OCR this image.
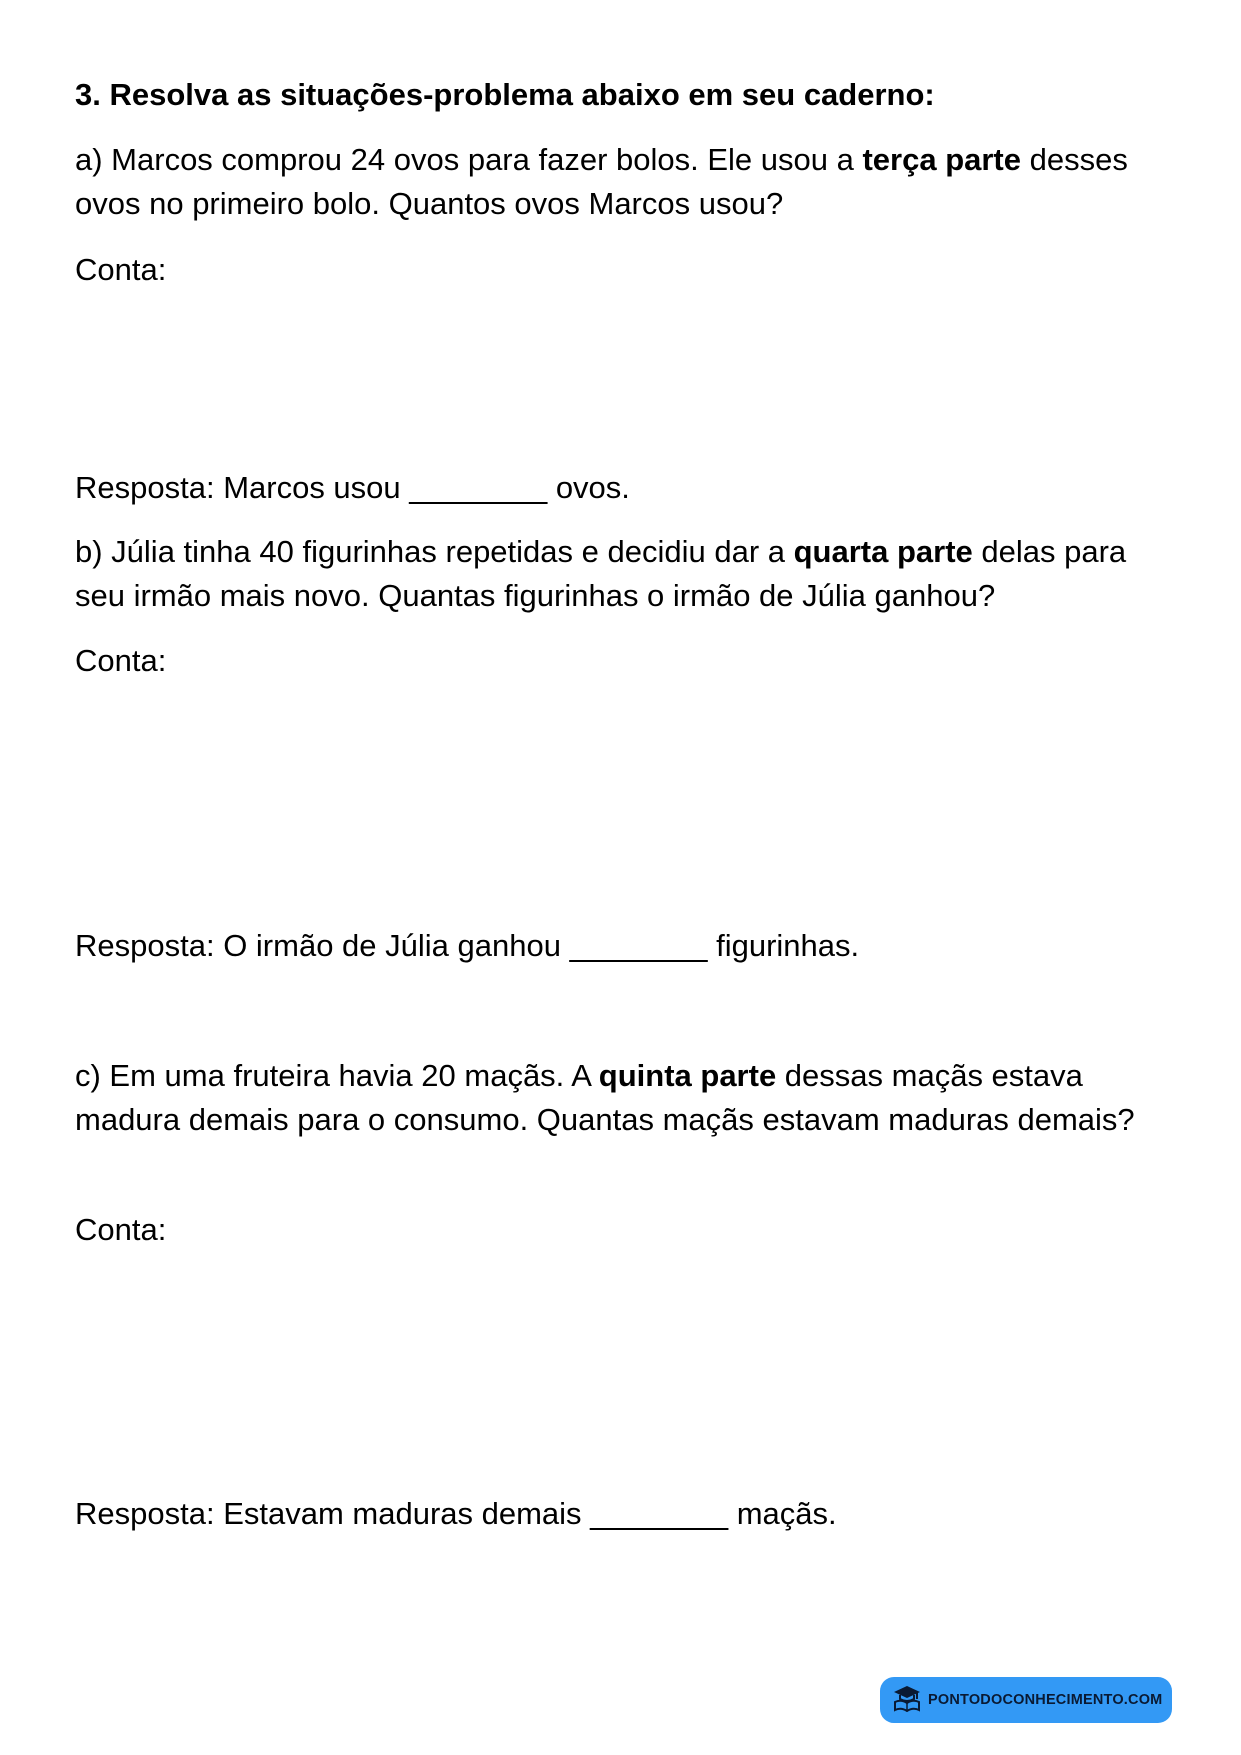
3. Resolva as situações-problema abaixo em seu caderno:

a) Marcos comprou 24 ovos para fazer bolos. Ele usou a terça parte desses ovos no primeiro bolo. Quantos ovos Marcos usou?

Conta:

Resposta: Marcos usou ________ ovos.

b) Júlia tinha 40 figurinhas repetidas e decidiu dar a quarta parte delas para seu irmão mais novo. Quantas figurinhas o irmão de Júlia ganhou?

Conta:

Resposta: O irmão de Júlia ganhou ________ figurinhas.

c) Em uma fruteira havia 20 maçãs. A quinta parte dessas maçãs estava madura demais para o consumo. Quantas maçãs estavam maduras demais?

Conta:

Resposta: Estavam maduras demais ________ maçãs.

PONTODOCONHECIMENTO.COM
